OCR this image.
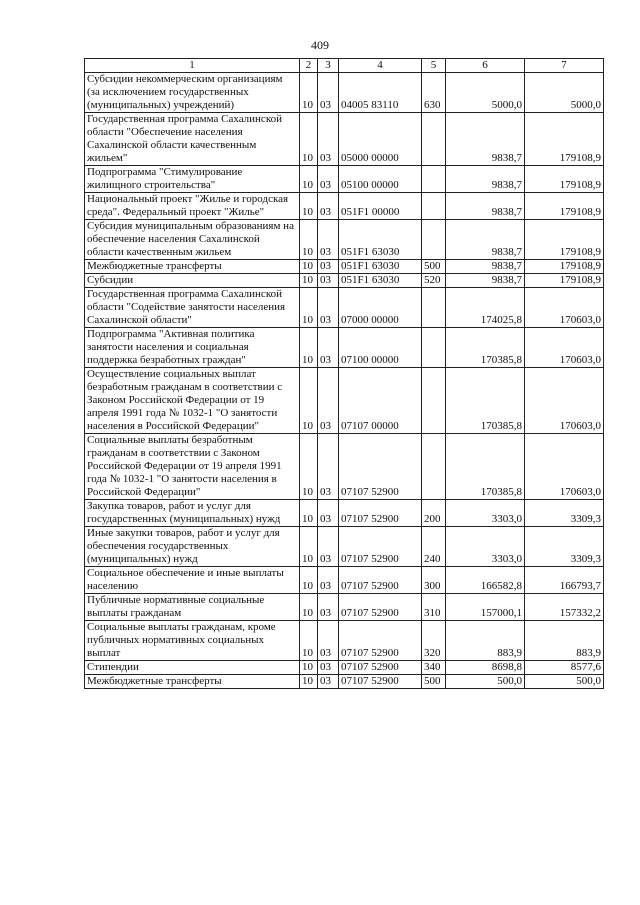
409
1	2	3	4	5	6	7
Субсидии некоммерческим организациям (за исключением государственных (муниципальных) учреждений)	10	03	04005 83110	630	5000,0	5000,0
Государственная программа Сахалинской области "Обеспечение населения Сахалинской области качественным жильем"	10	03	05000 00000		9838,7	179108,9
Подпрограмма "Стимулирование жилищного строительства"	10	03	05100 00000		9838,7	179108,9
Национальный проект "Жилье и городская среда". Федеральный проект "Жилье"	10	03	051F1 00000		9838,7	179108,9
Субсидия муниципальным образованиям на обеспечение населения Сахалинской области качественным жильем	10	03	051F1 63030		9838,7	179108,9
Межбюджетные трансферты	10	03	051F1 63030	500	9838,7	179108,9
Субсидии	10	03	051F1 63030	520	9838,7	179108,9
Государственная программа Сахалинской области "Содействие занятости населения Сахалинской области"	10	03	07000 00000		174025,8	170603,0
Подпрограмма "Активная политика занятости населения и социальная поддержка безработных граждан"	10	03	07100 00000		170385,8	170603,0
Осуществление социальных выплат безработным гражданам в соответствии с Законом Российской Федерации от 19 апреля 1991 года № 1032-1 "О занятости населения в Российской Федерации"	10	03	07107 00000		170385,8	170603,0
Социальные выплаты безработным гражданам в соответствии с Законом Российской Федерации от 19 апреля 1991 года № 1032-1 "О занятости населения в Российской Федерации"	10	03	07107 52900		170385,8	170603,0
Закупка товаров, работ и услуг для государственных (муниципальных) нужд	10	03	07107 52900	200	3303,0	3309,3
Иные закупки товаров, работ и услуг для обеспечения государственных (муниципальных) нужд	10	03	07107 52900	240	3303,0	3309,3
Социальное обеспечение и иные выплаты населению	10	03	07107 52900	300	166582,8	166793,7
Публичные нормативные социальные выплаты гражданам	10	03	07107 52900	310	157000,1	157332,2
Социальные выплаты гражданам, кроме публичных нормативных социальных выплат	10	03	07107 52900	320	883,9	883,9
Стипендии	10	03	07107 52900	340	8698,8	8577,6
Межбюджетные трансферты	10	03	07107 52900	500	500,0	500,0
